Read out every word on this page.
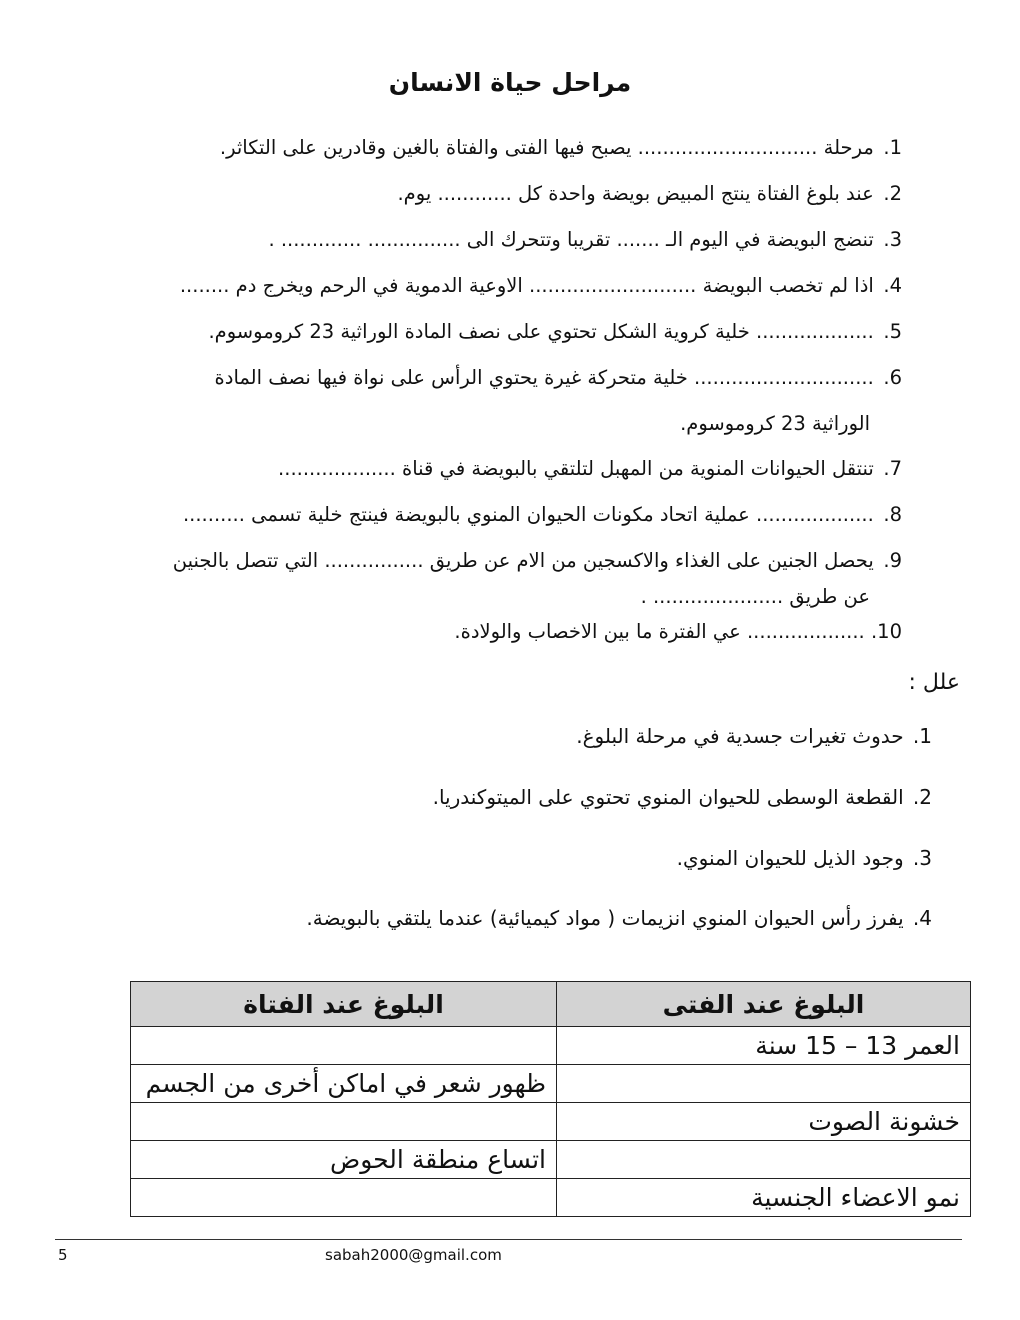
مراحل حياة الانسان
1. مرحلة ............................. يصبح فيها الفتى والفتاة بالغين وقادرين على التكاثر.
2. عند بلوغ الفتاة ينتج المبيض بويضة واحدة كل ............ يوم.
3. تنضج البويضة في اليوم الـ ....... تقريبا وتتحرك الى ............... ............. .
4. اذا لم تخصب البويضة ........................... الاوعية الدموية في الرحم ويخرج دم ........
5. ................... خلية كروية الشكل تحتوي على نصف المادة الوراثية 23 كروموسوم.
6. ............................. خلية متحركة غيرة يحتوي الرأس على نواة فيها نصف المادة
الوراثية 23 كروموسوم.
7. تنتقل الحيوانات المنوية من المهبل لتلتقي بالبويضة في قناة ...................
8. ................... عملية اتحاد مكونات الحيوان المنوي بالبويضة فينتج خلية تسمى ..........
9. يحصل الجنين على الغذاء والاكسجين من الام عن طريق ................ التي تتصل بالجنين
عن طريق ..................... .
10. ................... عي الفترة ما بين الاخصاب والولادة.
علل :
1. حدوث تغيرات جسدية في مرحلة البلوغ.
2. القطعة الوسطى للحيوان المنوي تحتوي على الميتوكندريا.
3. وجود الذيل للحيوان المنوي.
4. يفرز رأس الحيوان المنوي انزيمات ( مواد كيميائية) عندما يلتقي بالبويضة.
البلوغ عند الفتى	البلوغ عند الفتاة
العمر 13 – 15 سنة	
	ظهور شعر في اماكن أخرى من الجسم
خشونة الصوت	
	اتساع منطقة الحوض
نمو الاعضاء الجنسية	
5	sabah2000@gmail.com
